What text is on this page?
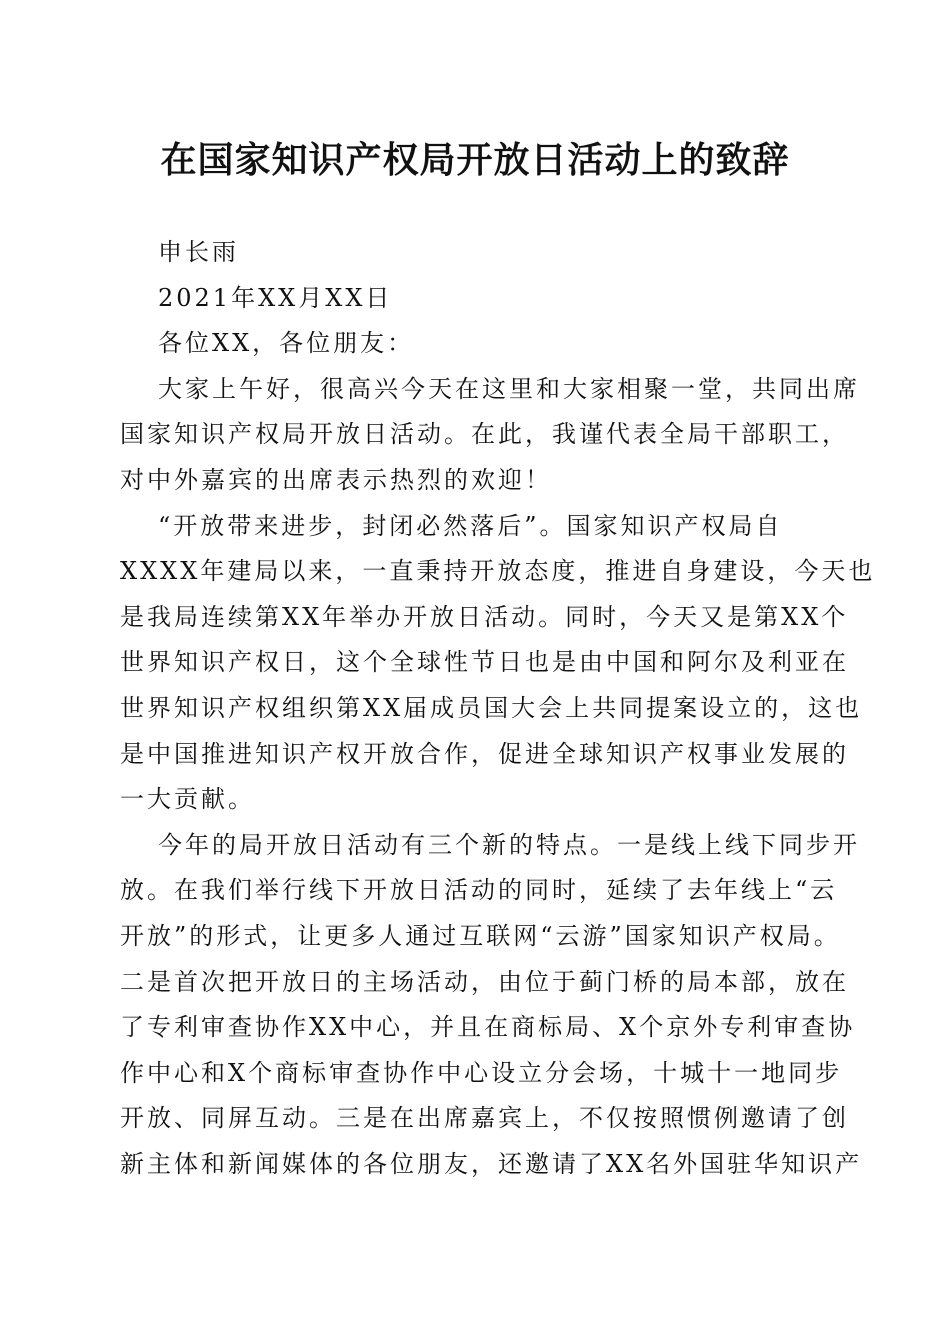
在国家知识产权局开放日活动上的致辞
申长雨
2021年XX月XX日
各位XX，各位朋友：
大家上午好，很高兴今天在这里和大家相聚一堂，共同出席
国家知识产权局开放日活动。在此，我谨代表全局干部职工，
对中外嘉宾的出席表示热烈的欢迎！
“开放带来进步，封闭必然落后”。国家知识产权局自
XXXX年建局以来，一直秉持开放态度，推进自身建设，今天也
是我局连续第XX年举办开放日活动。同时，今天又是第XX个
世界知识产权日，这个全球性节日也是由中国和阿尔及利亚在
世界知识产权组织第XX届成员国大会上共同提案设立的，这也
是中国推进知识产权开放合作，促进全球知识产权事业发展的
一大贡献。
今年的局开放日活动有三个新的特点。一是线上线下同步开
放。在我们举行线下开放日活动的同时，延续了去年线上“云
开放”的形式，让更多人通过互联网“云游”国家知识产权局。
二是首次把开放日的主场活动，由位于蓟门桥的局本部，放在
了专利审查协作XX中心，并且在商标局、X个京外专利审查协
作中心和X个商标审查协作中心设立分会场，十城十一地同步
开放、同屏互动。三是在出席嘉宾上，不仅按照惯例邀请了创
新主体和新闻媒体的各位朋友，还邀请了XX名外国驻华知识产
